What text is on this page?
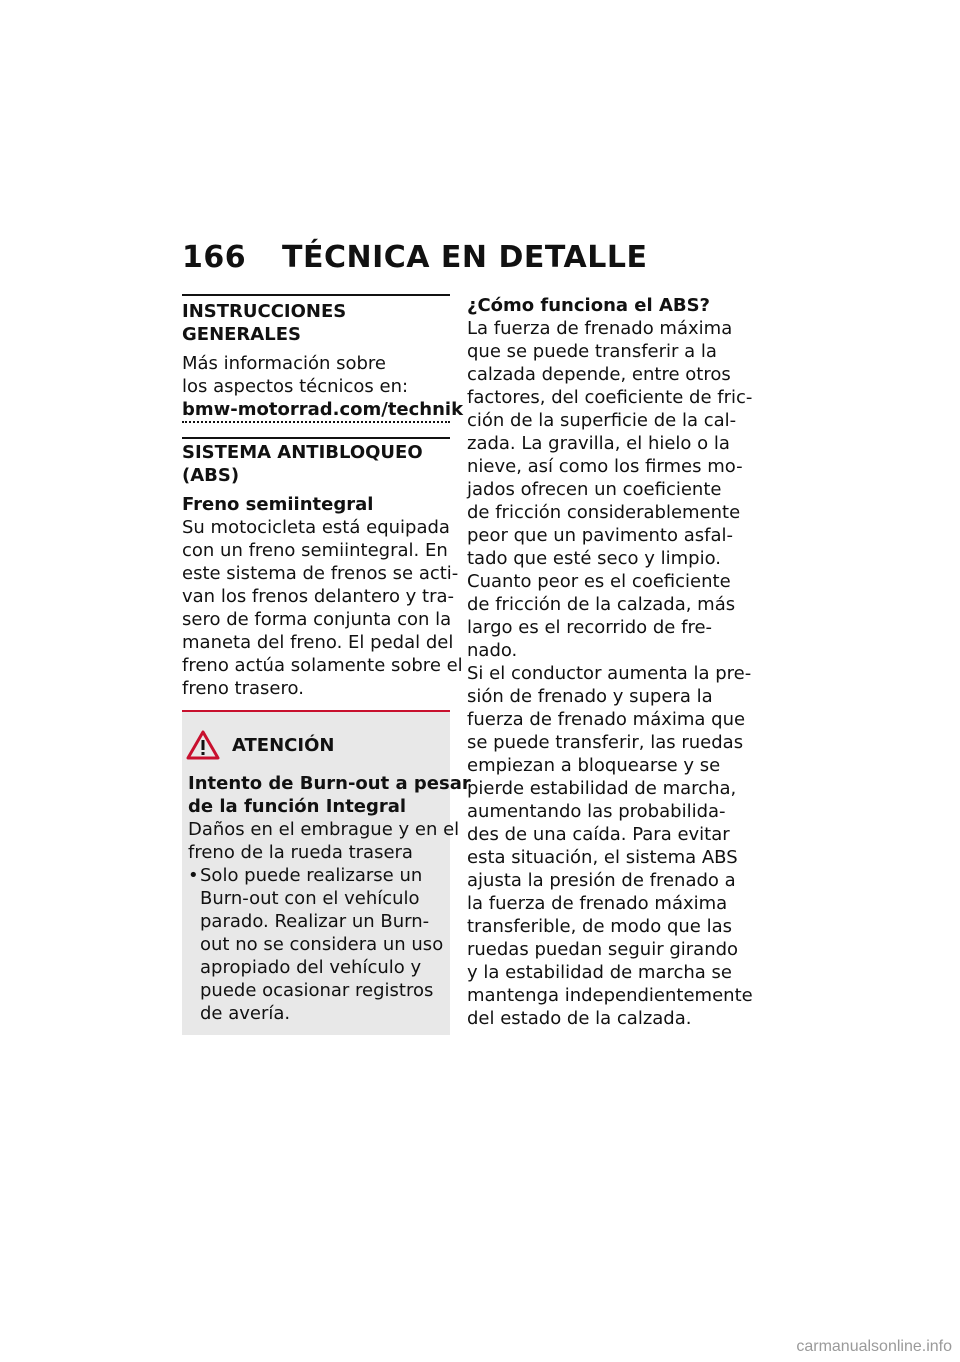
166 TÉCNICA EN DETALLE
INSTRUCCIONES GENERALES

Más información sobre
los aspectos técnicos en:

bmw-motorrad.com/technik
SISTEMA ANTIBLOQUEO
(ABS)
Freno semiintegral

Su motocicleta está equipada
con un freno semiintegral. En
este sistema de frenos se acti-
van los frenos delantero y tra-
sero de forma conjunta con la
maneta del freno. El pedal del
freno actúa solamente sobre el
freno trasero.

ATENCIÓN

Intento de Burn-out a pesar
de la función Integral

Daños en el embrague y en el
freno de la rueda trasera

• Solo puede realizarse un
Burn-out con el vehículo
parado. Realizar un Burn-
out no se considera un uso
apropiado del vehículo y
puede ocasionar registros
de avería.
¿Cómo funciona el ABS?

La fuerza de frenado máxima
que se puede transferir a la
calzada depende, entre otros
factores, del coeficiente de fric-
ción de la superficie de la cal-
zada. La gravilla, el hielo o la
nieve, así como los firmes mo-
jados ofrecen un coeficiente
de fricción considerablemente
peor que un pavimento asfal-
tado que esté seco y limpio.
Cuanto peor es el coeficiente
de fricción de la calzada, más
largo es el recorrido de fre-
nado.
Si el conductor aumenta la pre-
sión de frenado y supera la
fuerza de frenado máxima que
se puede transferir, las ruedas
empiezan a bloquearse y se
pierde estabilidad de marcha,
aumentando las probabilida-
des de una caída. Para evitar
esta situación, el sistema ABS
ajusta la presión de frenado a
la fuerza de frenado máxima
transferible, de modo que las
ruedas puedan seguir girando
y la estabilidad de marcha se
mantenga independientemente
del estado de la calzada.

carmanualsonline.info
